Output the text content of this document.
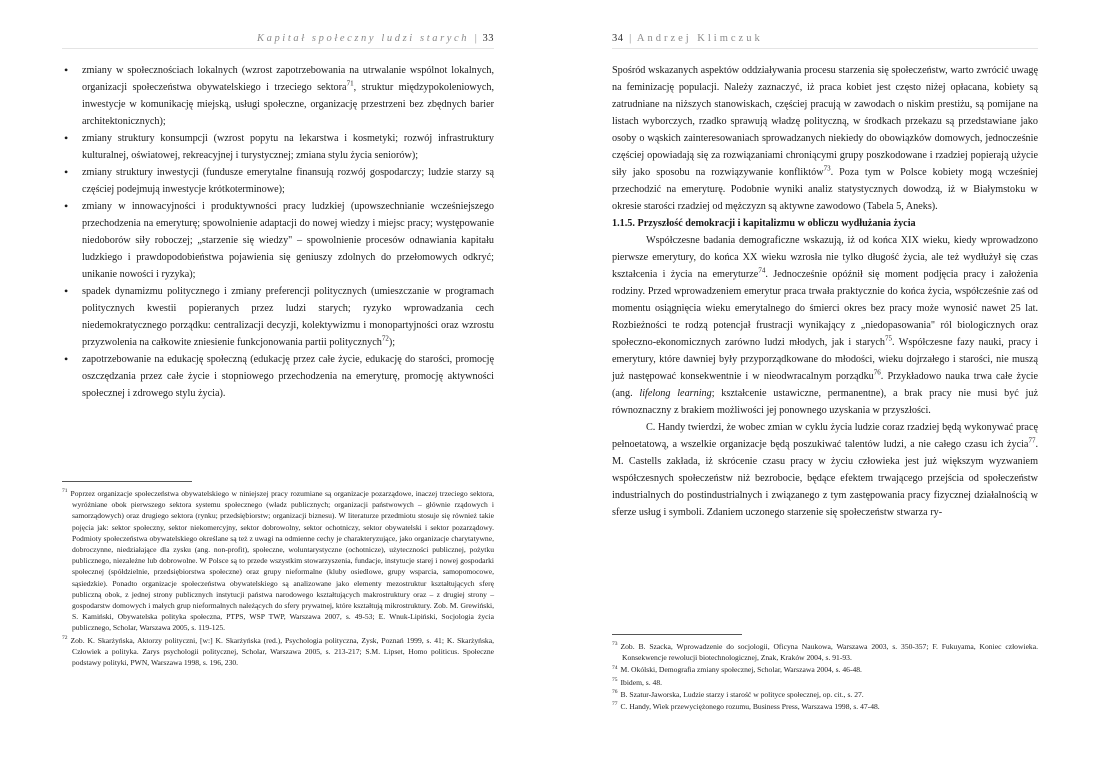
Kapitał społeczny ludzi starych | 33
• zmiany w społecznościach lokalnych (wzrost zapotrzebowania na utrwalanie wspólnot lokalnych, organizacji społeczeństwa obywatelskiego i trzeciego sektora$^{71}$, struktur międzypokoleniowych, inwestycje w komunikację miejską, usługi społeczne, organizację przestrzeni bez zbędnych barier architektonicznych);
• zmiany struktury konsumpcji (wzrost popytu na lekarstwa i kosmetyki; rozwój infrastruktury kulturalnej, oświatowej, rekreacyjnej i turystycznej; zmiana stylu życia seniorów);
• zmiany struktury inwestycji (fundusze emerytalne finansują rozwój gospodarczy; ludzie starzy są częściej podejmują inwestycje krótkoterminowe);
• zmiany w innowacyjności i produktywności pracy ludzkiej (upowszechnianie wcześniejszego przechodzenia na emeryturę; spowolnienie adaptacji do nowej wiedzy i miejsc pracy; występowanie niedoborów siły roboczej; „starzenie się wiedzy" – spowolnienie procesów odnawiania kapitału ludzkiego i prawdopodobieństwa pojawienia się geniuszy zdolnych do przełomowych odkryć; unikanie nowości i ryzyka);
• spadek dynamizmu politycznego i zmiany preferencji politycznych (umieszczanie w programach politycznych kwestii popieranych przez ludzi starych; ryzyko wprowadzania cech niedemokratycznego porządku: centralizacji decyzji, kolektywizmu i monopartyjności oraz wzrostu przyzwolenia na całkowite zniesienie funkcjonowania partii politycznych$^{72}$);
• zapotrzebowanie na edukację społeczną (edukację przez całe życie, edukację do starości, promocję oszczędzania przez całe życie i stopniowego przechodzenia na emeryturę, promocję aktywności społecznej i zdrowego stylu życia).

$^{71}$ Poprzez organizacje społeczeństwa obywatelskiego w niniejszej pracy rozumiane są organizacje pozarządowe, inaczej trzeciego sektora, wyróżniane obok pierwszego sektora systemu społecznego (władz publicznych; organizacji państwowych – głównie rządowych i samorządowych) oraz drugiego sektora (rynku; przedsiębiorstw; organizacji biznesu). W literaturze przedmiotu stosuje się również takie pojęcia jak: sektor społeczny, sektor niekomercyjny, sektor dobrowolny, sektor ochotniczy, sektor obywatelski i sektor pozarządowy. Podmioty społeczeństwa obywatelskiego określane są też z uwagi na odmienne cechy je charakteryzujące, jako organizacje charytatywne, dobroczynne, niedziałające dla zysku (ang. non-profit), społeczne, woluntarystyczne (ochotnicze), użyteczności publicznej, pożytku publicznego, niezależne lub dobrowolne. W Polsce są to przede wszystkim stowarzyszenia, fundacje, instytucje starej i nowej gospodarki społecznej (spółdzielnie, przedsiębiorstwa społeczne) oraz grupy nieformalne (kluby osiedlowe, grupy wsparcia, samopomocowe, sąsiedzkie). Ponadto organizacje społeczeństwa obywatelskiego są analizowane jako elementy mezostruktur kształtujących sferę publiczną obok, z jednej strony publicznych instytucji państwa narodowego kształtujących makrostruktury oraz – z drugiej strony – gospodarstw domowych i małych grup nieformalnych należących do sfery prywatnej, które kształtują mikrostruktury. Zob. M. Grewiński, S. Kamiński, Obywatelska polityka społeczna, PTPS, WSP TWP, Warszawa 2007, s. 49-53; E. Wnuk-Lipiński, Socjologia życia publicznego, Scholar, Warszawa 2005, s. 119-125.

$^{72}$ Zob. K. Skarżyńska, Aktorzy polityczni, [w:] K. Skarżyńska (red.), Psychologia polityczna, Zysk, Poznań 1999, s. 41; K. Skarżyńska, Człowiek a polityka. Zarys psychologii politycznej, Scholar, Warszawa 2005, s. 213-217; S.M. Lipset, Homo politicus. Społeczne podstawy polityki, PWN, Warszawa 1998, s. 196, 230.

34 | Andrzej Klimczuk

Spośród wskazanych aspektów oddziaływania procesu starzenia się społeczeństw, warto zwrócić uwagę na feminizację populacji. Należy zaznaczyć, iż praca kobiet jest często niżej opłacana, kobiety są zatrudniane na niższych stanowiskach, częściej pracują w zawodach o niskim prestiżu, są pomijane na listach wyborczych, rzadko sprawują władzę polityczną, w środkach przekazu są przedstawiane jako osoby o wąskich zainteresowaniach sprowadzanych niekiedy do obowiązków domowych, jednocześnie częściej opowiadają się za rozwiązaniami chroniącymi grupy poszkodowane i rzadziej popierają użycie siły jako sposobu na rozwiązywanie konfliktów$^{73}$. Poza tym w Polsce kobiety mogą wcześniej przechodzić na emeryturę. Podobnie wyniki analiz statystycznych dowodzą, iż w Białymstoku w okresie starości rzadziej od mężczyzn są aktywne zawodowo (Tabela 5, Aneks).

1.1.5. Przyszłość demokracji i kapitalizmu w obliczu wydłużania życia

Współczesne badania demograficzne wskazują, iż od końca XIX wieku, kiedy wprowadzono pierwsze emerytury, do końca XX wieku wzrosła nie tylko długość życia, ale też wydłużył się czas kształcenia i życia na emeryturze$^{74}$. Jednocześnie opóźnił się moment podjęcia pracy i założenia rodziny. Przed wprowadzeniem emerytur praca trwała praktycznie do końca życia, współcześnie zaś od momentu osiągnięcia wieku emerytalnego do śmierci okres bez pracy może wynosić nawet 25 lat. Rozbieżności te rodzą potencjał frustracji wynikający z „niedopasowania" ról biologicznych oraz społeczno-ekonomicznych zarówno ludzi młodych, jak i starych$^{75}$. Współczesne fazy nauki, pracy i emerytury, które dawniej były przyporządkowane do młodości, wieku dojrzałego i starości, nie muszą już następować konsekwentnie i w nieodwracalnym porządku$^{76}$. Przykładowo nauka trwa całe życie (ang. lifelong learning; kształcenie ustawiczne, permanentne), a brak pracy nie musi być już równoznaczny z brakiem możliwości jej ponownego uzyskania w przyszłości.

C. Handy twierdzi, że wobec zmian w cyklu życia ludzie coraz rzadziej będą wykonywać pracę pełnoetatową, a wszelkie organizacje będą poszukiwać talentów ludzi, a nie całego czasu ich życia$^{77}$. M. Castells zakłada, iż skrócenie czasu pracy w życiu człowieka jest już większym wyzwaniem współczesnych społeczeństw niż bezrobocie, będące efektem trwającego przejścia od społeczeństw industrialnych do postindustrialnych i związanego z tym zastępowania pracy fizycznej działalnością w sferze usług i symboli. Zdaniem uczonego starzenie się społeczeństw stwarza ry-

$^{73}$ Zob. B. Szacka, Wprowadzenie do socjologii, Oficyna Naukowa, Warszawa 2003, s. 350-357; F. Fukuyama, Koniec człowieka. Konsekwencje rewolucji biotechnologicznej, Znak, Kraków 2004, s. 91-93.

$^{74}$ M. Okólski, Demografia zmiany społecznej, Scholar, Warszawa 2004, s. 46-48.

$^{75}$ Ibidem, s. 48.

$^{76}$ B. Szatur-Jaworska, Ludzie starzy i starość w polityce społecznej, op. cit., s. 27.

$^{77}$ C. Handy, Wiek przewyciężonego rozumu, Business Press, Warszawa 1998, s. 47-48.
